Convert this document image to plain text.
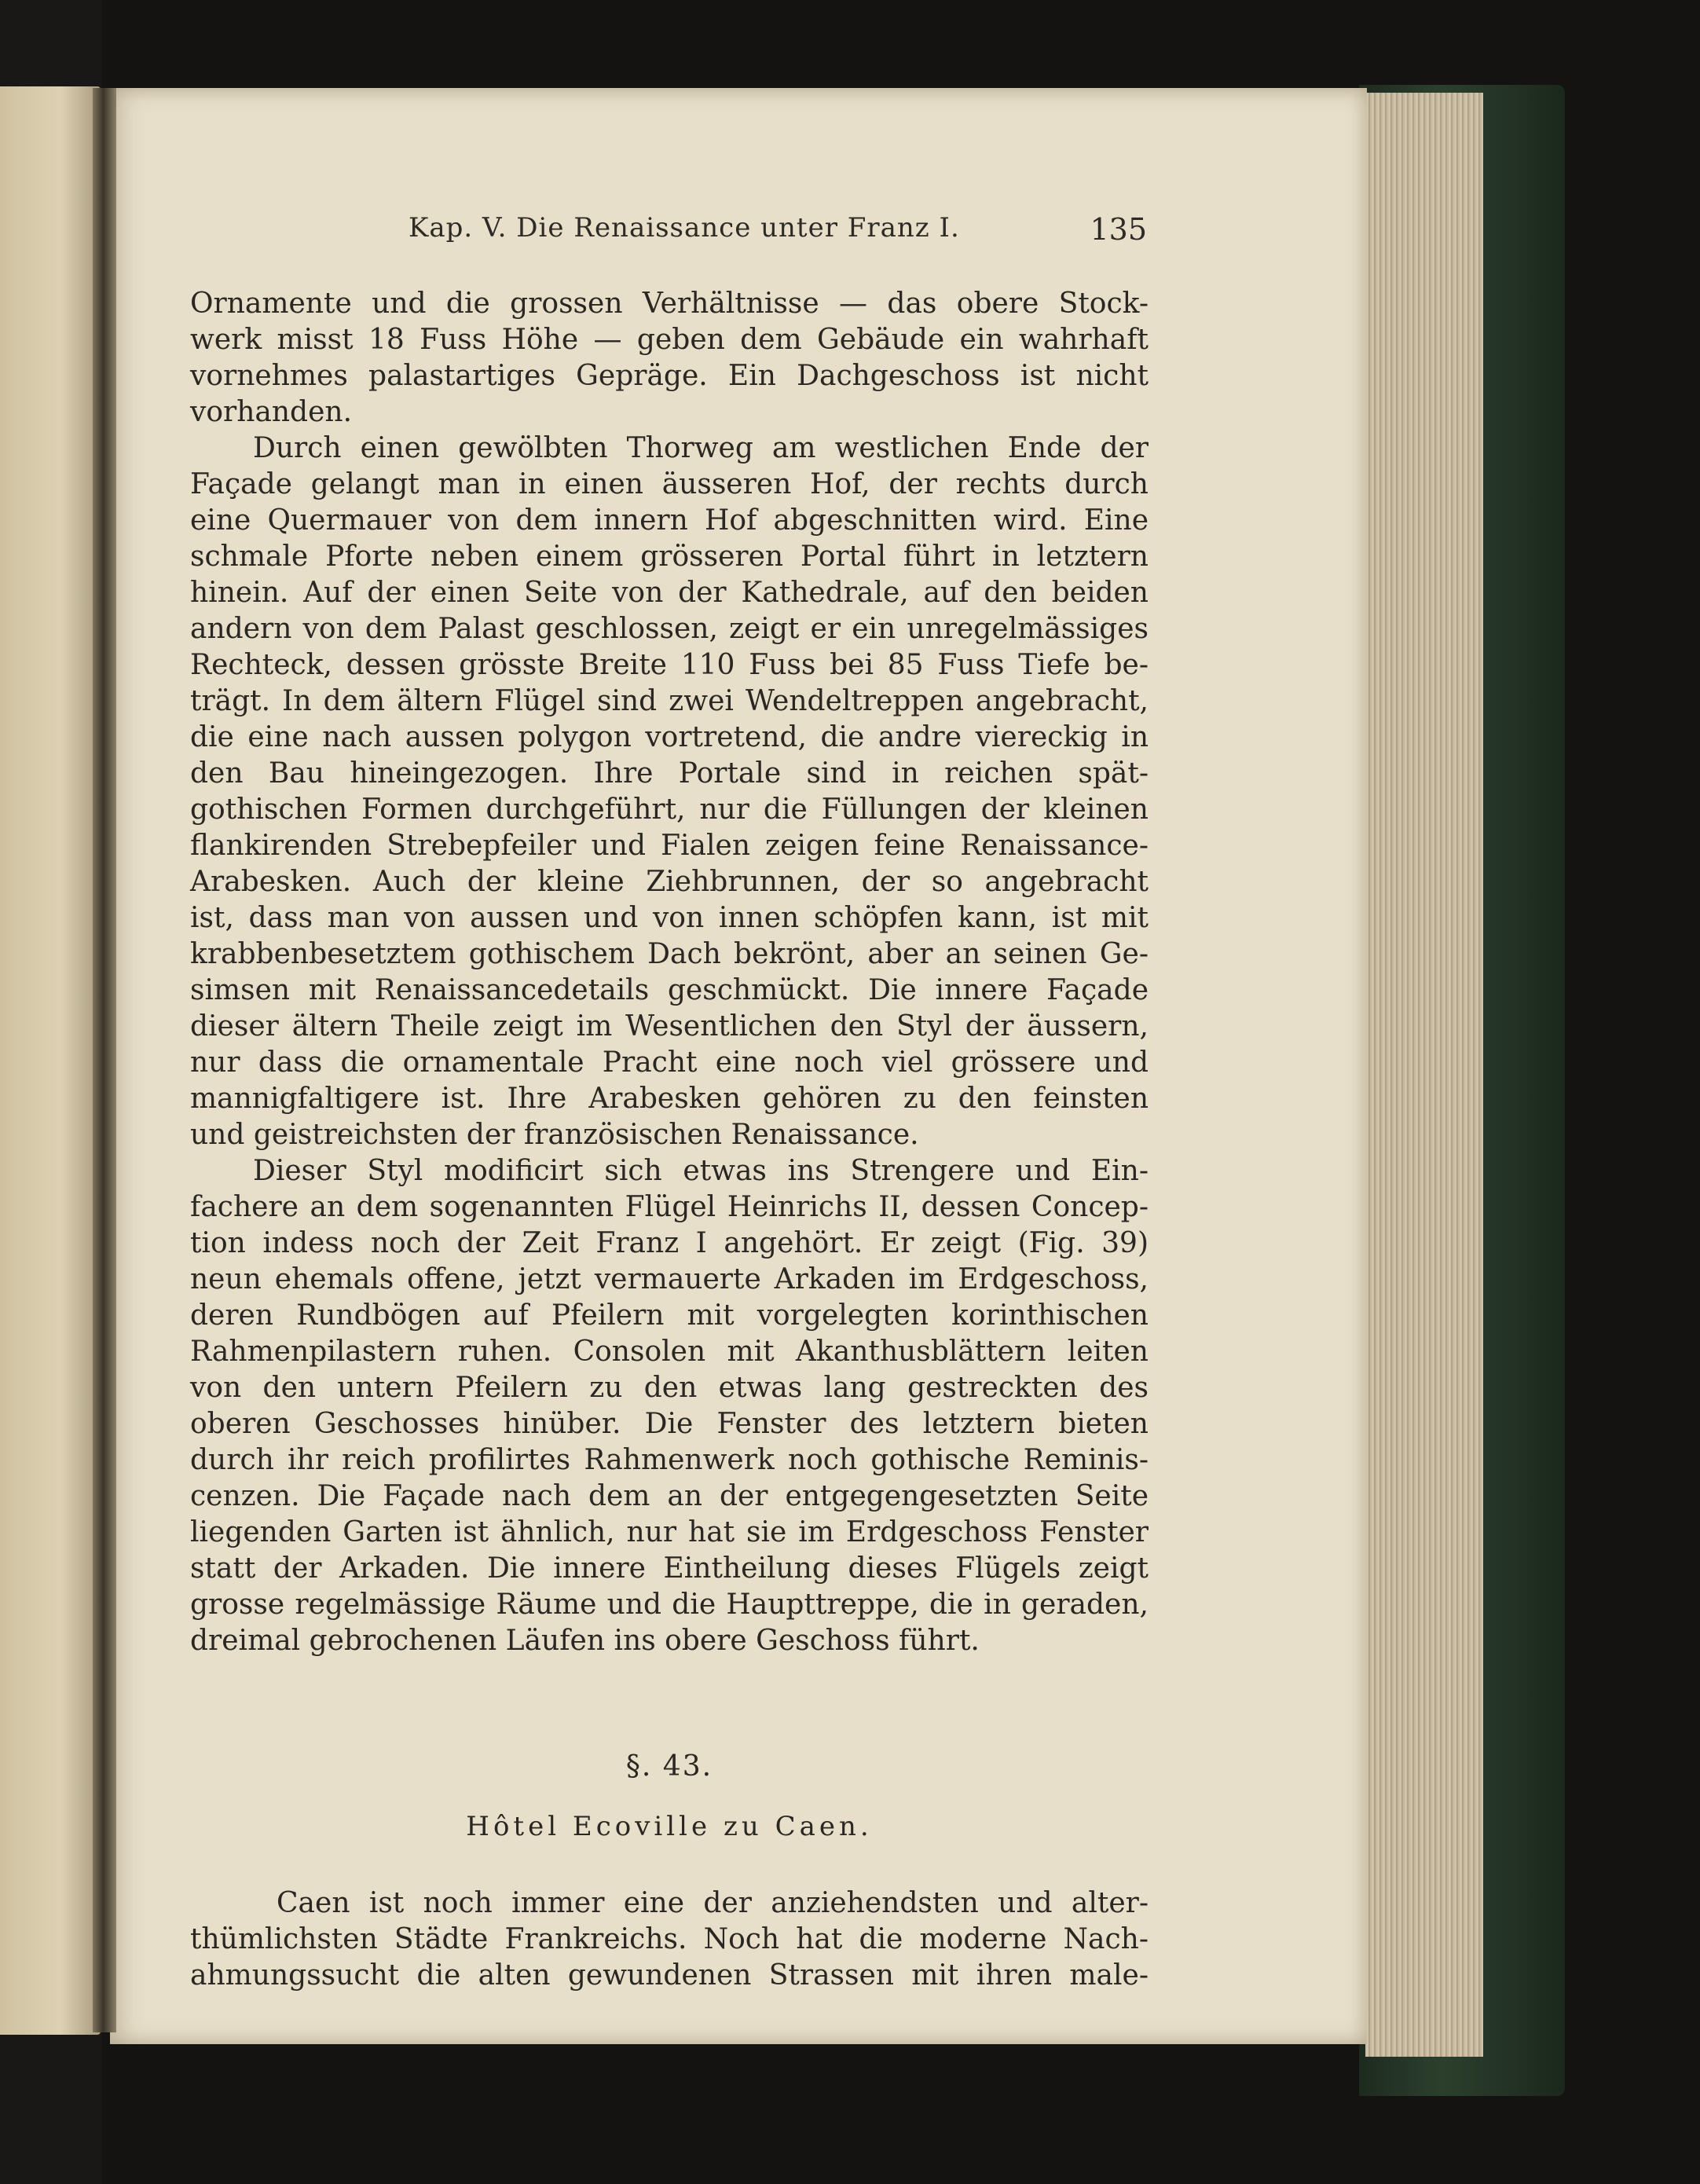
Kap. V. Die Renaissance unter Franz I.	135
Ornamente und die grossen Verhältnisse — das obere Stock-
werk misst 18 Fuss Höhe — geben dem Gebäude ein wahrhaft
vornehmes palastartiges Gepräge. Ein Dachgeschoss ist nicht
vorhanden.
Durch einen gewölbten Thorweg am westlichen Ende der
Façade gelangt man in einen äusseren Hof, der rechts durch
eine Quermauer von dem innern Hof abgeschnitten wird. Eine
schmale Pforte neben einem grösseren Portal führt in letztern
hinein. Auf der einen Seite von der Kathedrale, auf den beiden
andern von dem Palast geschlossen, zeigt er ein unregelmässiges
Rechteck, dessen grösste Breite 110 Fuss bei 85 Fuss Tiefe be-
trägt. In dem ältern Flügel sind zwei Wendeltreppen angebracht,
die eine nach aussen polygon vortretend, die andre viereckig in
den Bau hineingezogen. Ihre Portale sind in reichen spät-
gothischen Formen durchgeführt, nur die Füllungen der kleinen
flankirenden Strebepfeiler und Fialen zeigen feine Renaissance-
Arabesken. Auch der kleine Ziehbrunnen, der so angebracht
ist, dass man von aussen und von innen schöpfen kann, ist mit
krabbenbesetztem gothischem Dach bekrönt, aber an seinen Ge-
simsen mit Renaissancedetails geschmückt. Die innere Façade
dieser ältern Theile zeigt im Wesentlichen den Styl der äussern,
nur dass die ornamentale Pracht eine noch viel grössere und
mannigfaltigere ist. Ihre Arabesken gehören zu den feinsten
und geistreichsten der französischen Renaissance.
Dieser Styl modificirt sich etwas ins Strengere und Ein-
fachere an dem sogenannten Flügel Heinrichs II, dessen Concep-
tion indess noch der Zeit Franz I angehört. Er zeigt (Fig. 39)
neun ehemals offene, jetzt vermauerte Arkaden im Erdgeschoss,
deren Rundbögen auf Pfeilern mit vorgelegten korinthischen
Rahmenpilastern ruhen. Consolen mit Akanthusblättern leiten
von den untern Pfeilern zu den etwas lang gestreckten des
oberen Geschosses hinüber. Die Fenster des letztern bieten
durch ihr reich profilirtes Rahmenwerk noch gothische Reminis-
cenzen. Die Façade nach dem an der entgegengesetzten Seite
liegenden Garten ist ähnlich, nur hat sie im Erdgeschoss Fenster
statt der Arkaden. Die innere Eintheilung dieses Flügels zeigt
grosse regelmässige Räume und die Haupttreppe, die in geraden,
dreimal gebrochenen Läufen ins obere Geschoss führt.
§. 43.
Hôtel Ecoville zu Caen.
Caen ist noch immer eine der anziehendsten und alter-
thümlichsten Städte Frankreichs. Noch hat die moderne Nach-
ahmungssucht die alten gewundenen Strassen mit ihren male-
